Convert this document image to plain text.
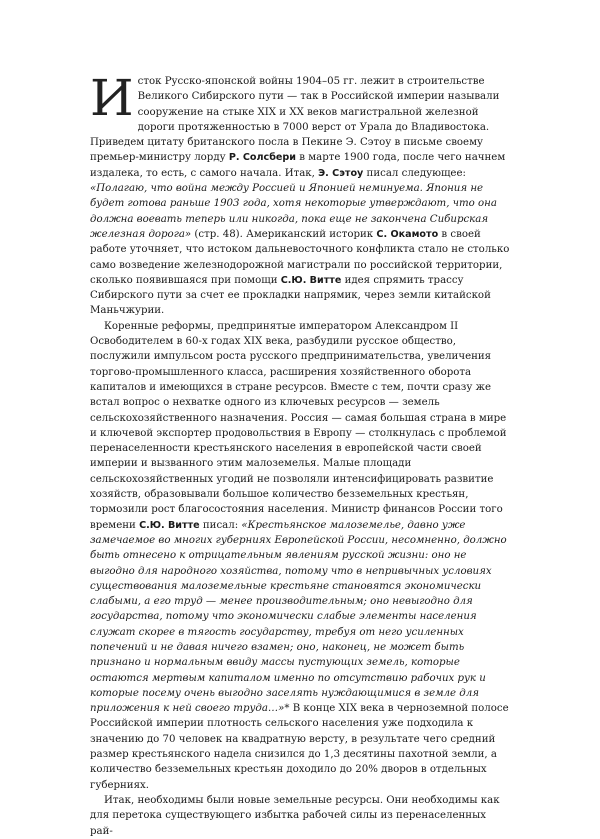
Исток Русско-японской войны 1904–05 гг. лежит в строительстве Великого Сибирского пути — так в Российской империи называли сооружение на стыке XIX и XX веков магистральной железной дороги протяженностью в 7000 верст от Урала до Владивостока. Приведем цитату британского посла в Пекине Э. Сэтоу в письме своему премьер-министру лорду Р. Солсбери в марте 1900 года, после чего начнем издалека, то есть, с самого начала. Итак, Э. Сэтоу писал следующее: «Полагаю, что война между Россией и Японией неминуема. Япония не будет готова раньше 1903 года, хотя некоторые утверждают, что она должна воевать теперь или никогда, пока еще не закончена Сибирская железная дорога» (стр. 48). Американский историк С. Окамото в своей работе уточняет, что истоком дальневосточного конфликта стало не столько само возведение железнодорожной магистрали по российской территории, сколько появившаяся при помощи С.Ю. Витте идея спрямить трассу Сибирского пути за счет ее прокладки напрямик, через земли китайской Маньчжурии.

Коренные реформы, предпринятые императором Александром II Освободителем в 60-х годах XIX века, разбудили русское общество, послужили импульсом роста русского предпринимательства, увеличения торгово-промышленного класса, расширения хозяйственного оборота капиталов и имеющихся в стране ресурсов. Вместе с тем, почти сразу же встал вопрос о нехватке одного из ключевых ресурсов — земель сельскохозяйственного назначения. Россия — самая большая страна в мире и ключевой экспортер продовольствия в Европу — столкнулась с проблемой перенаселенности крестьянского населения в европейской части своей империи и вызванного этим малоземелья. Малые площади сельскохозяйственных угодий не позволяли интенсифицировать развитие хозяйств, образовывали большое количество безземельных крестьян, тормозили рост благосостояния населения. Министр финансов России того времени С.Ю. Витте писал: «Крестьянское малоземелье, давно уже замечаемое во многих губерниях Европейской России, несомненно, должно быть отнесено к отрицательным явлениям русской жизни: оно не выгодно для народного хозяйства, потому что в непривычных условиях существования малоземельные крестьяне становятся экономически слабыми, а его труд — менее производительным; оно невыгодно для государства, потому что экономически слабые элементы населения служат скорее в тягость государству, требуя от него усиленных попечений и не давая ничего взамен; оно, наконец, не может быть признано и нормальным ввиду массы пустующих земель, которые остаются мертвым капиталом именно по отсутствию рабочих рук и которые посему очень выгодно заселять нуждающимися в земле для приложения к ней своего труда…»* В конце XIX века в черноземной полосе Российской империи плотность сельского населения уже подходила к значению до 70 человек на квадратную версту, в результате чего средний размер крестьянского надела снизился до 1,3 десятины пахотной земли, а количество безземельных крестьян доходило до 20% дворов в отдельных губерниях.

Итак, необходимы были новые земельные ресурсы. Они необходимы как для перетока существующего избытка рабочей силы из перенаселенных рай-
